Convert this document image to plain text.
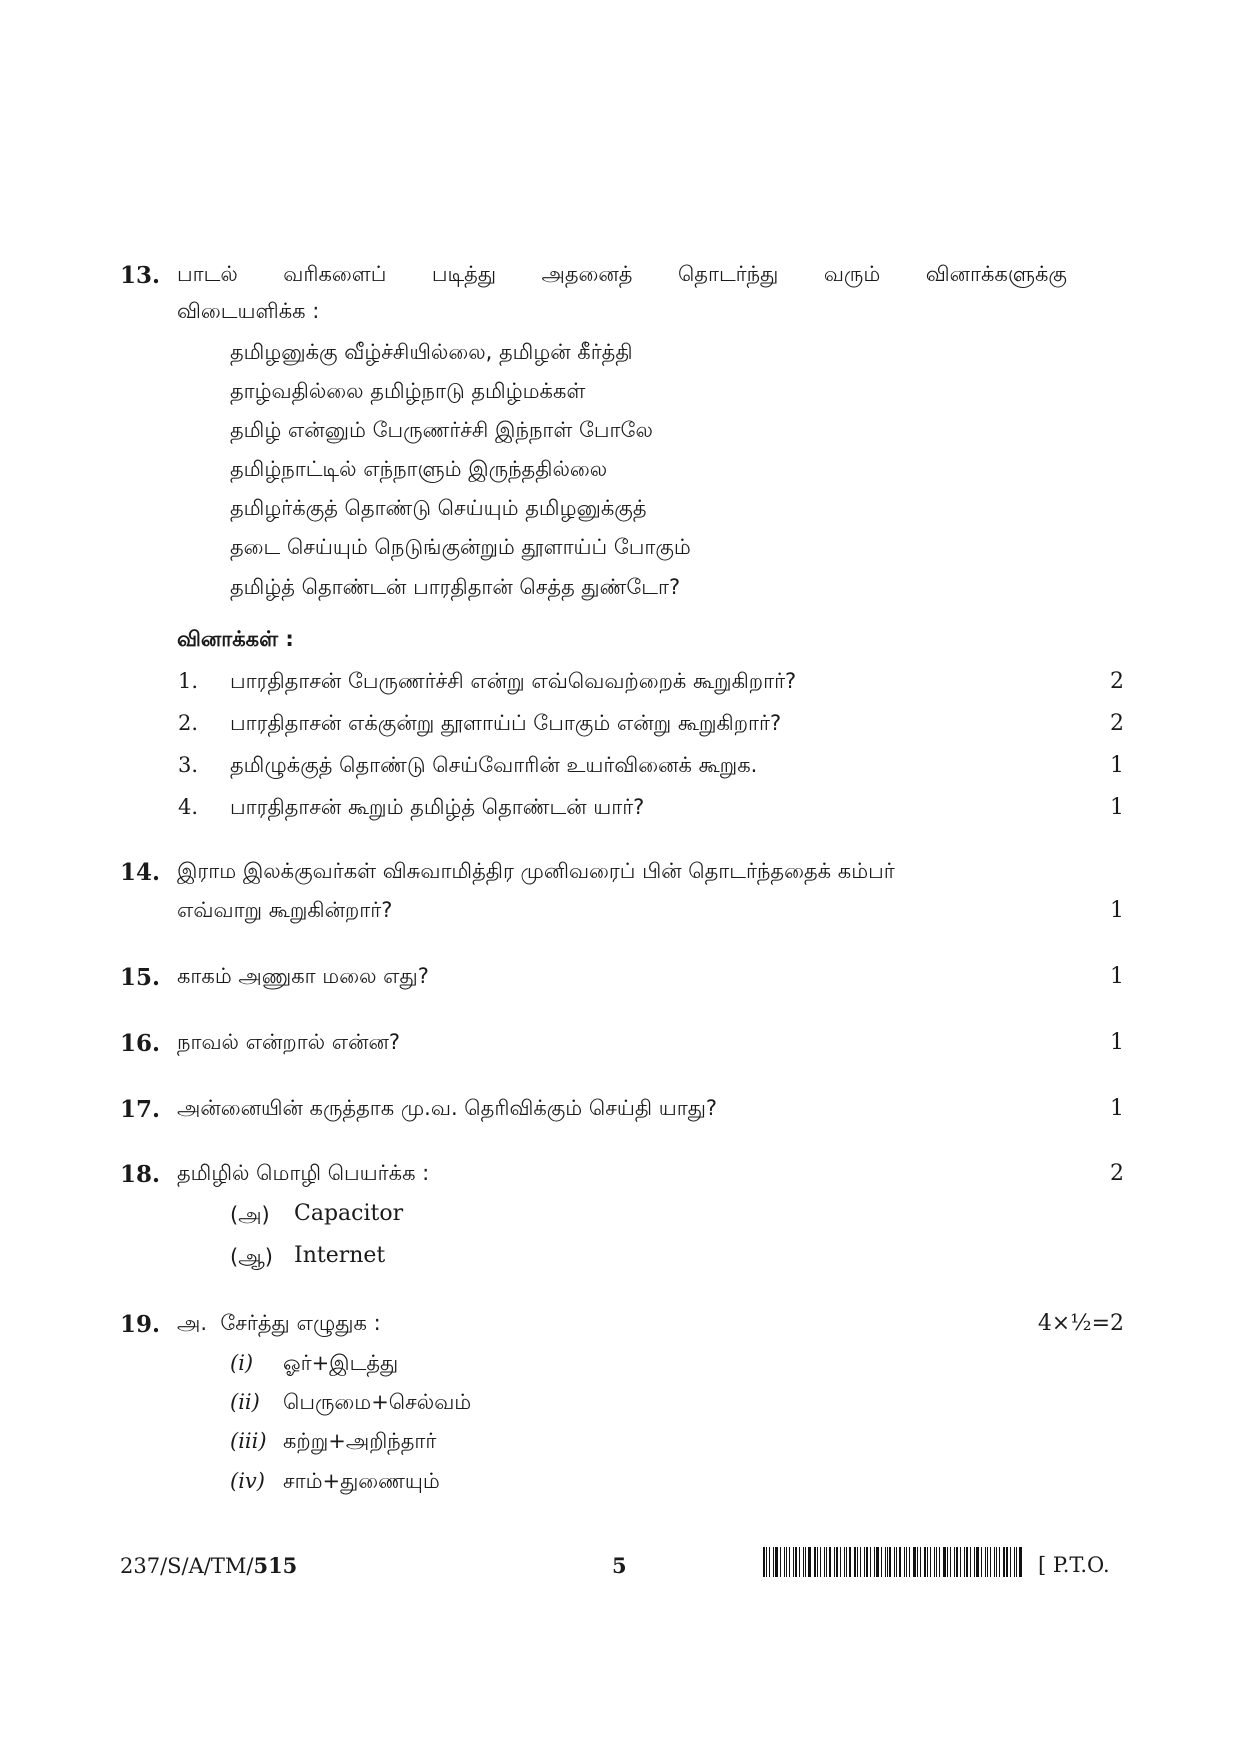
13. பாடல் வரிகளைப் படித்து அதனைத் தொடர்ந்து வரும் வினாக்களுக்கு
விடையளிக்க :
தமிழனுக்கு வீழ்ச்சியில்லை, தமிழன் கீர்த்தி
தாழ்வதில்லை தமிழ்நாடு தமிழ்மக்கள்
தமிழ் என்னும் பேருணர்ச்சி இந்நாள் போலே
தமிழ்நாட்டில் எந்நாளும் இருந்ததில்லை
தமிழர்க்குத் தொண்டு செய்யும் தமிழனுக்குத்
தடை செய்யும் நெடுங்குன்றும் தூளாய்ப் போகும்
தமிழ்த் தொண்டன் பாரதிதான் செத்த துண்டோ?
வினாக்கள் :
1. பாரதிதாசன் பேருணர்ச்சி என்று எவ்வெவற்றைக் கூறுகிறார்?	2
2. பாரதிதாசன் எக்குன்று தூளாய்ப் போகும் என்று கூறுகிறார்?	2
3. தமிழுக்குத் தொண்டு செய்வோரின் உயர்வினைக் கூறுக.	1
4. பாரதிதாசன் கூறும் தமிழ்த் தொண்டன் யார்?	1
14. இராம இலக்குவர்கள் விசுவாமித்திர முனிவரைப் பின் தொடர்ந்ததைக் கம்பர்
எவ்வாறு கூறுகின்றார்?	1
15. காகம் அணுகா மலை எது?	1
16. நாவல் என்றால் என்ன?	1
17. அன்னையின் கருத்தாக மு.வ. தெரிவிக்கும் செய்தி யாது?	1
18. தமிழில் மொழி பெயர்க்க :	2
(அ) Capacitor
(ஆ) Internet
19. அ.  சேர்த்து எழுதுக :	4×½=2
(i) ஓர்+இடத்து
(ii) பெருமை+செல்வம்
(iii) கற்று+அறிந்தார்
(iv) சாம்+துணையும்
237/S/A/TM/515	5	[ P.T.O.
